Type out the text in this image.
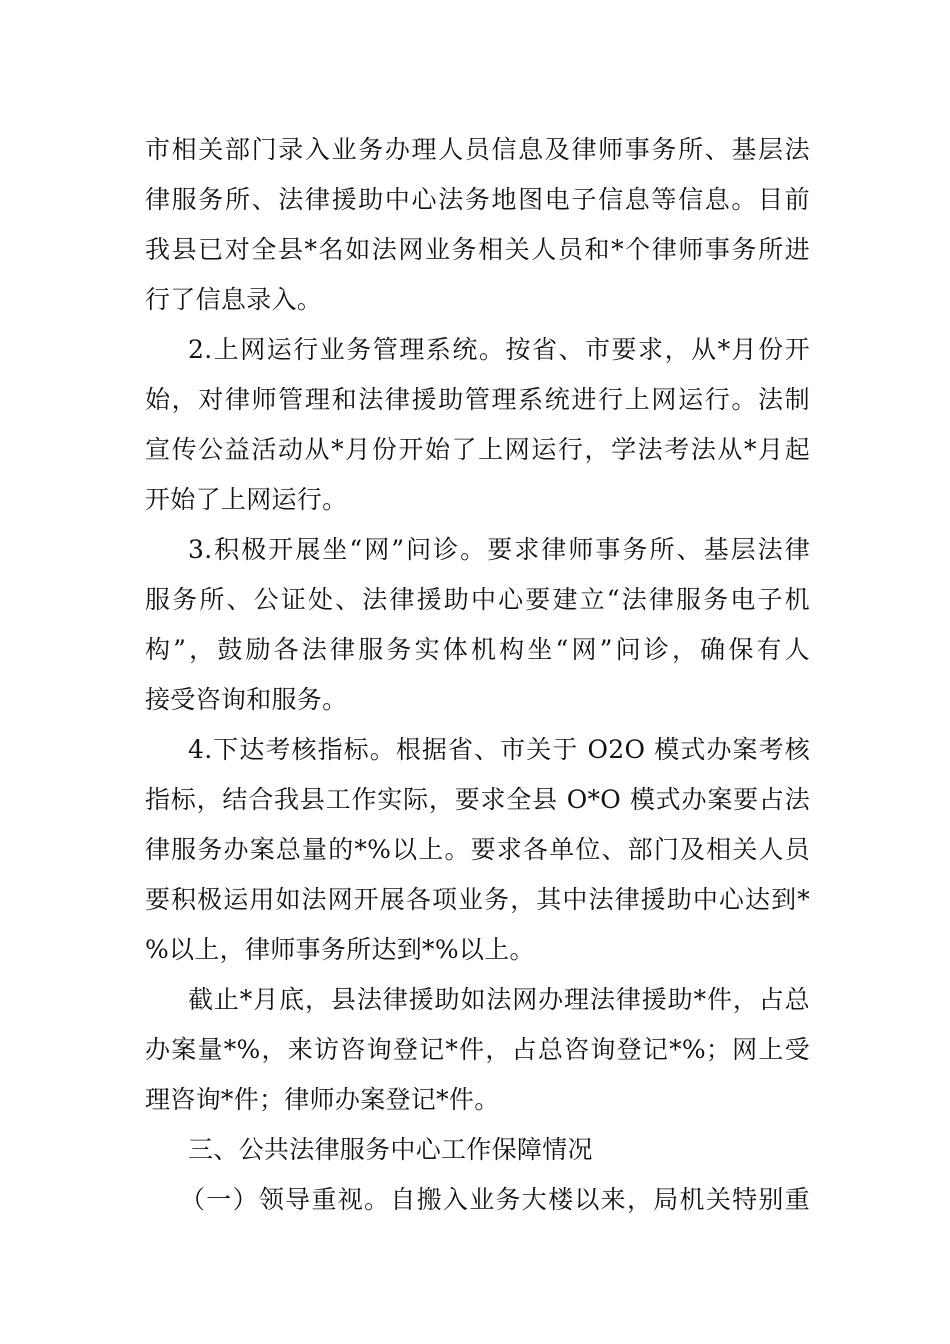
市相关部门录入业务办理人员信息及律师事务所、基层法
律服务所、法律援助中心法务地图电子信息等信息。目前
我县已对全县*名如法网业务相关人员和*个律师事务所进
行了信息录入。
2.上网运行业务管理系统。按省、市要求，从*月份开
始，对律师管理和法律援助管理系统进行上网运行。法制
宣传公益活动从*月份开始了上网运行，学法考法从*月起
开始了上网运行。
3.积极开展坐“网”问诊。要求律师事务所、基层法律
服务所、公证处、法律援助中心要建立“法律服务电子机
构”，鼓励各法律服务实体机构坐“网”问诊，确保有人
接受咨询和服务。
4.下达考核指标。根据省、市关于 O2O 模式办案考核
指标，结合我县工作实际，要求全县 O*O 模式办案要占法
律服务办案总量的*%以上。要求各单位、部门及相关人员
要积极运用如法网开展各项业务，其中法律援助中心达到*
%以上，律师事务所达到*%以上。
截止*月底，县法律援助如法网办理法律援助*件，占总
办案量*%，来访咨询登记*件，占总咨询登记*%；网上受
理咨询*件；律师办案登记*件。
三、公共法律服务中心工作保障情况
（一）领导重视。自搬入业务大楼以来，局机关特别重
